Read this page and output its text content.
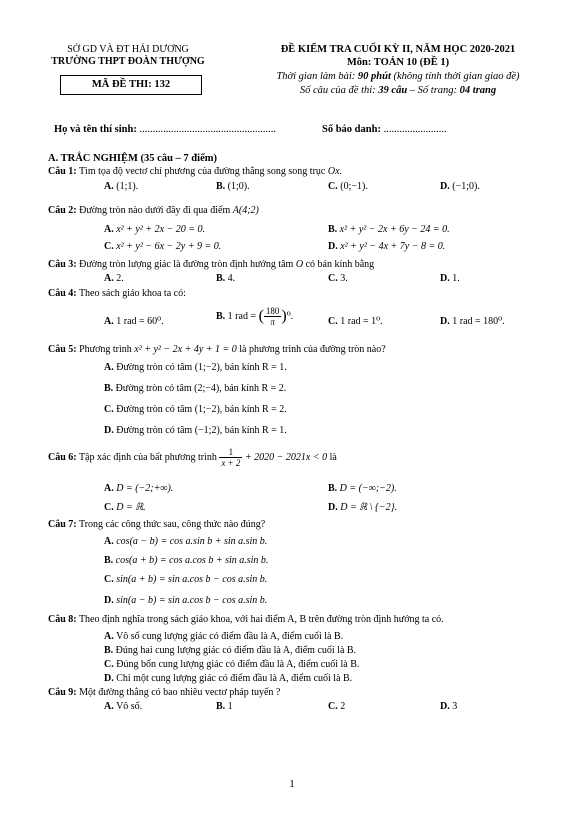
SỞ GD VÀ ĐT HẢI DƯƠNG
TRƯỜNG THPT ĐOÀN THƯỢNG
MÃ ĐỀ THI: 132
ĐỀ KIỂM TRA CUỐI KỲ II, NĂM HỌC 2020-2021
Môn: TOÁN 10 (ĐỀ 1)
Thời gian làm bài: 90 phút (không tính thời gian giao đề)
Số câu của đề thi: 39 câu – Số trang: 04 trang
Họ và tên thí sinh: ....................................................	Số báo danh: ........................
A. TRẮC NGHIỆM (35 câu – 7 điểm)
Câu 1: Tìm tọa độ vectơ chỉ phương của đường thẳng song song trục Ox.
A. (1;1).	B. (1;0).	C. (0;−1).	D. (−1;0).
Câu 2: Đường tròn nào dưới đây đi qua điểm A(4;2)
A. x² + y² + 2x − 20 = 0.	B. x² + y² − 2x + 6y − 24 = 0.
C. x² + y² − 6x − 2y + 9 = 0.	D. x² + y² − 4x + 7y − 8 = 0.
Câu 3: Đường tròn lượng giác là đường tròn định hướng tâm O có bán kính bằng
A. 2.	B. 4.	C. 3.	D. 1.
Câu 4: Theo sách giáo khoa ta có:
A. 1 rad = 60⁰.	B. 1 rad = ( $\frac{180}{\pi} )^0$.	C. 1 rad = 1⁰.	D. 1 rad = 180⁰.
Câu 5: Phương trình x² + y² − 2x + 4y + 1 = 0 là phương trình của đường tròn nào?
A. Đường tròn có tâm (1;−2), bán kính R = 1.
B. Đường tròn có tâm (2;−4), bán kính R = 2.
C. Đường tròn có tâm (1;−2), bán kính R = 2.
D. Đường tròn có tâm (−1;2), bán kính R = 1.
Câu 6: Tập xác định của bất phương trình $\frac{1}{x + 2} + 2020 - 2021x < 0$ là
A. D = (−2;+∞).	B. D = (−∞;−2).
C. D = ℝ.	D. D = ℝ \ {−2}.
Câu 7: Trong các công thức sau, công thức nào đúng?
A. cos(a − b) = cos a.sin b + sin a.sin b.
B. cos(a + b) = cos a.cos b + sin a.sin b.
C. sin(a + b) = sin a.cos b − cos a.sin b.
D. sin(a − b) = sin a.cos b − cos a.sin b.
Câu 8: Theo định nghĩa trong sách giáo khoa, với hai điểm A, B trên đường tròn định hướng ta có.
A. Vô số cung lượng giác có điểm đầu là A, điểm cuối là B.
B. Đúng hai cung lượng giác có điểm đầu là A, điểm cuối là B.
C. Đúng bốn cung lượng giác có điểm đầu là A, điểm cuối là B.
D. Chỉ một cung lượng giác có điểm đầu là A, điểm cuối là B.
Câu 9: Một đường thẳng có bao nhiêu vectơ pháp tuyến ?
A. Vô số.	B. 1	C. 2	D. 3
1
